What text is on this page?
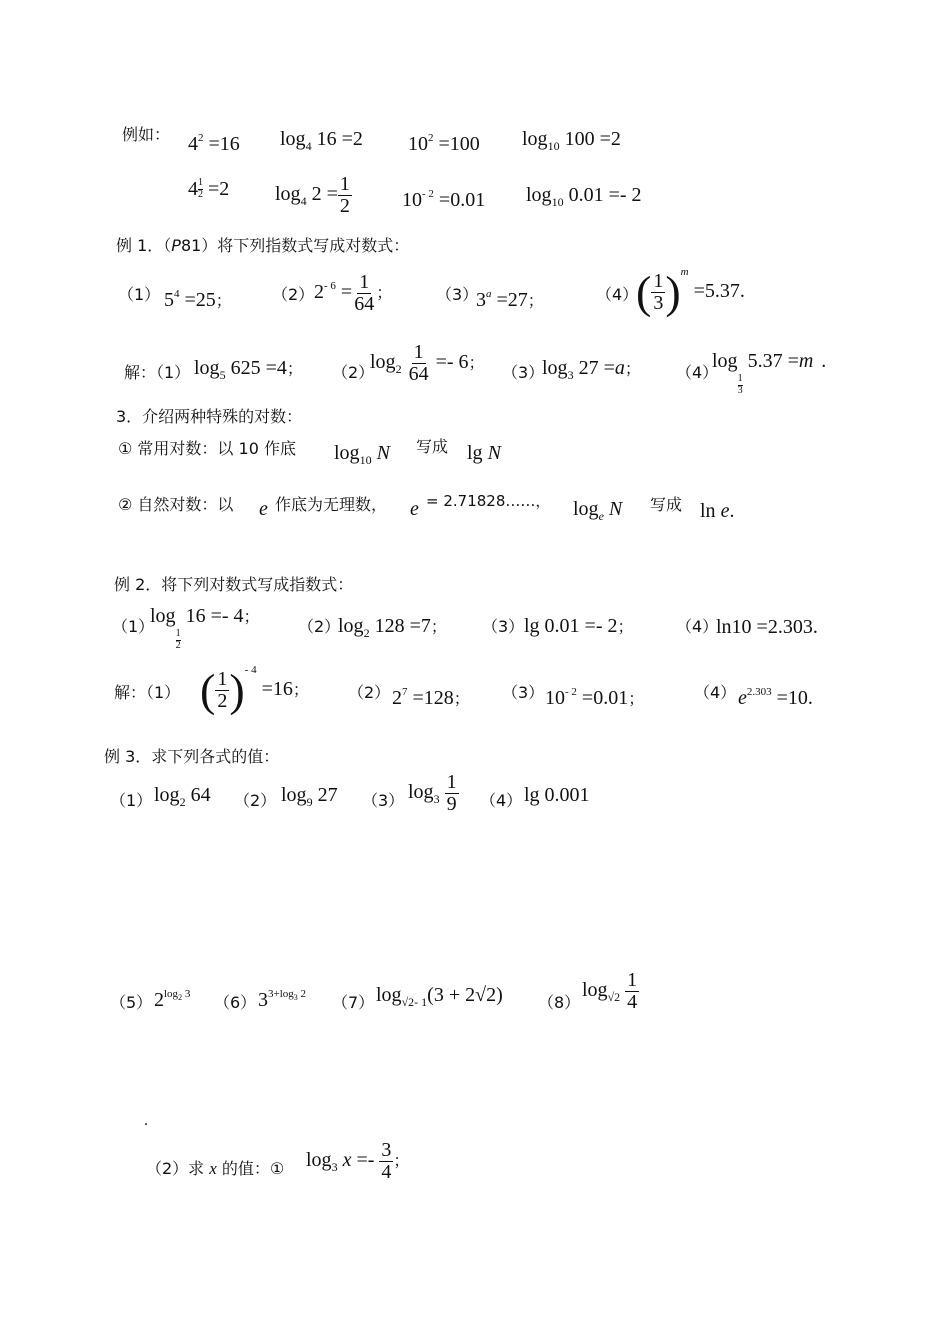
例如： $4^2 =16$ $\log_4 16 =2$ $10^2 =100$ $\log_{10} 100 =2$
$4 \frac{1}{2} =2$ $\log_4 2 = \frac{1}{2}$	$10^{- 2} =0.01$ $\log_{10} 0.01 =- 2$
例 1．（P81）将下列指数式写成对数式：
（1） $5^4 =25$；	（2） $2^{- 6} = \frac{1}{64}$ ；	（3）
$3^a =27$；	（4）
( $\frac{1}{3} )^m =5.37$.
解：（1） $\log_5 625 =4$； （2）
$\log_2 \frac{1}{64} =- 6$；
（3）
$\log_3 27 =a$； （4）
log
$\frac{1}{3}$
5.37 =m .
3．介绍两种特殊的对数：
① 常用对数：以 10 作底 $\log_{10} N$ 写成 lg N
② 自然对数：以 e 作底为无理数， e = 2.71828……， $\log_e N$ 写成 ln e.
例 2．将下列对数式写成指数式：
（1）
log
$\frac{1}{2}$
16 =- 4；
（2）
$\log_2 128 =7$； （3） lg 0.01 =- 2；	（4）
ln10 =2.303.
解：（1） ( $\frac{1}{2} )^{- 4} =16$； （2） $2^7 =128$； （3） $10^{- 2} =0.01$；	（4） $e^{2.303} =10$.
例 3．求下列各式的值：
（1） $\log_2 64$ （2） $\log_9 27$ （3） $\log_3 \frac{1}{9} (4)$ lg 0.001
（5） $2^{log_2 3}$ （6） $3^{3+log_3 2}$ （7） $\log_{√2- 1}(3 + 2√2)$ （8）
$\log_{√2} \frac{1}{4}$
.
（2）求 x 的值：① $\log_3 x =- \frac{3}{4}$ ；
